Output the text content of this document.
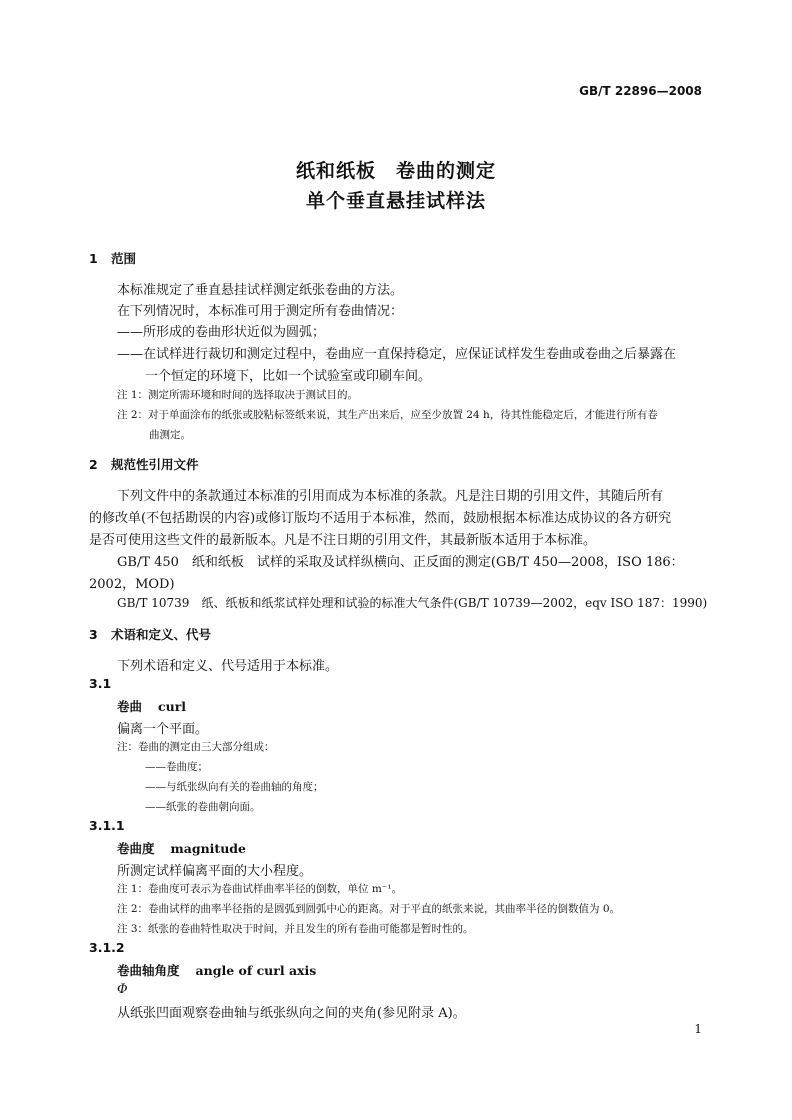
GB/T 22896—2008
纸和纸板　卷曲的测定
单个垂直悬挂试样法
1 范围
本标准规定了垂直悬挂试样测定纸张卷曲的方法。
在下列情况时，本标准可用于测定所有卷曲情况：
——所形成的卷曲形状近似为圆弧；
——在试样进行裁切和测定过程中，卷曲应一直保持稳定，应保证试样发生卷曲或卷曲之后暴露在
一个恒定的环境下，比如一个试验室或印刷车间。
注 1：测定所需环境和时间的选择取决于测试目的。
注 2：对于单面涂布的纸张或胶粘标签纸来说，其生产出来后，应至少放置 24 h，待其性能稳定后，才能进行所有卷
曲测定。
2 规范性引用文件
下列文件中的条款通过本标准的引用而成为本标准的条款。凡是注日期的引用文件，其随后所有
的修改单(不包括勘误的内容)或修订版均不适用于本标准，然而，鼓励根据本标准达成协议的各方研究
是否可使用这些文件的最新版本。凡是不注日期的引用文件，其最新版本适用于本标准。
GB/T 450　纸和纸板　试样的采取及试样纵横向、正反面的测定(GB/T 450—2008，ISO 186：
2002，MOD)
GB/T 10739　纸、纸板和纸浆试样处理和试验的标准大气条件(GB/T 10739—2002，eqv ISO 187：1990)
3 术语和定义、代号
下列术语和定义、代号适用于本标准。
3.1
卷曲 curl
偏离一个平面。
注：卷曲的测定由三大部分组成：
——卷曲度；
——与纸张纵向有关的卷曲轴的角度；
——纸张的卷曲朝向面。
3.1.1
卷曲度 magnitude
所测定试样偏离平面的大小程度。
注 1：卷曲度可表示为卷曲试样曲率半径的倒数，单位 m⁻¹。
注 2：卷曲试样的曲率半径指的是圆弧到圆弧中心的距离。对于平直的纸张来说，其曲率半径的倒数值为 0。
注 3：纸张的卷曲特性取决于时间，并且发生的所有卷曲可能都是暂时性的。
3.1.2
卷曲轴角度 angle of curl axis
Φ
从纸张凹面观察卷曲轴与纸张纵向之间的夹角(参见附录 A)。
1
